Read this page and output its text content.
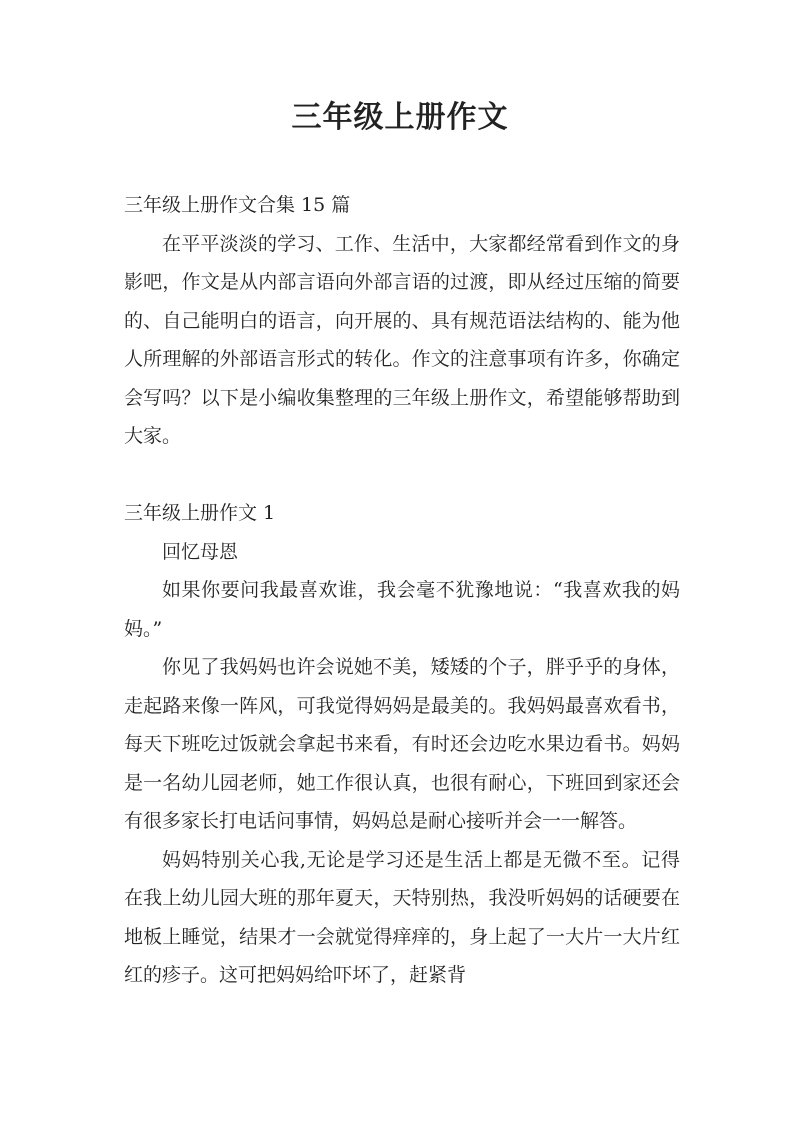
三年级上册作文

三年级上册作文合集 15 篇

在平平淡淡的学习、工作、生活中，大家都经常看到作文的身影吧，作文是从内部言语向外部言语的过渡，即从经过压缩的简要的、自己能明白的语言，向开展的、具有规范语法结构的、能为他人所理解的外部语言形式的转化。作文的注意事项有许多，你确定会写吗？以下是小编收集整理的三年级上册作文，希望能够帮助到大家。

三年级上册作文 1

回忆母恩

如果你要问我最喜欢谁，我会毫不犹豫地说：“我喜欢我的妈妈。”

你见了我妈妈也许会说她不美，矮矮的个子，胖乎乎的身体，走起路来像一阵风，可我觉得妈妈是最美的。我妈妈最喜欢看书，每天下班吃过饭就会拿起书来看，有时还会边吃水果边看书。妈妈是一名幼儿园老师，她工作很认真，也很有耐心，下班回到家还会有很多家长打电话问事情，妈妈总是耐心接听并会一一解答。

妈妈特别关心我,无论是学习还是生活上都是无微不至。记得在我上幼儿园大班的那年夏天，天特别热，我没听妈妈的话硬要在地板上睡觉，结果才一会就觉得痒痒的，身上起了一大片一大片红红的疹子。这可把妈妈给吓坏了，赶紧背
